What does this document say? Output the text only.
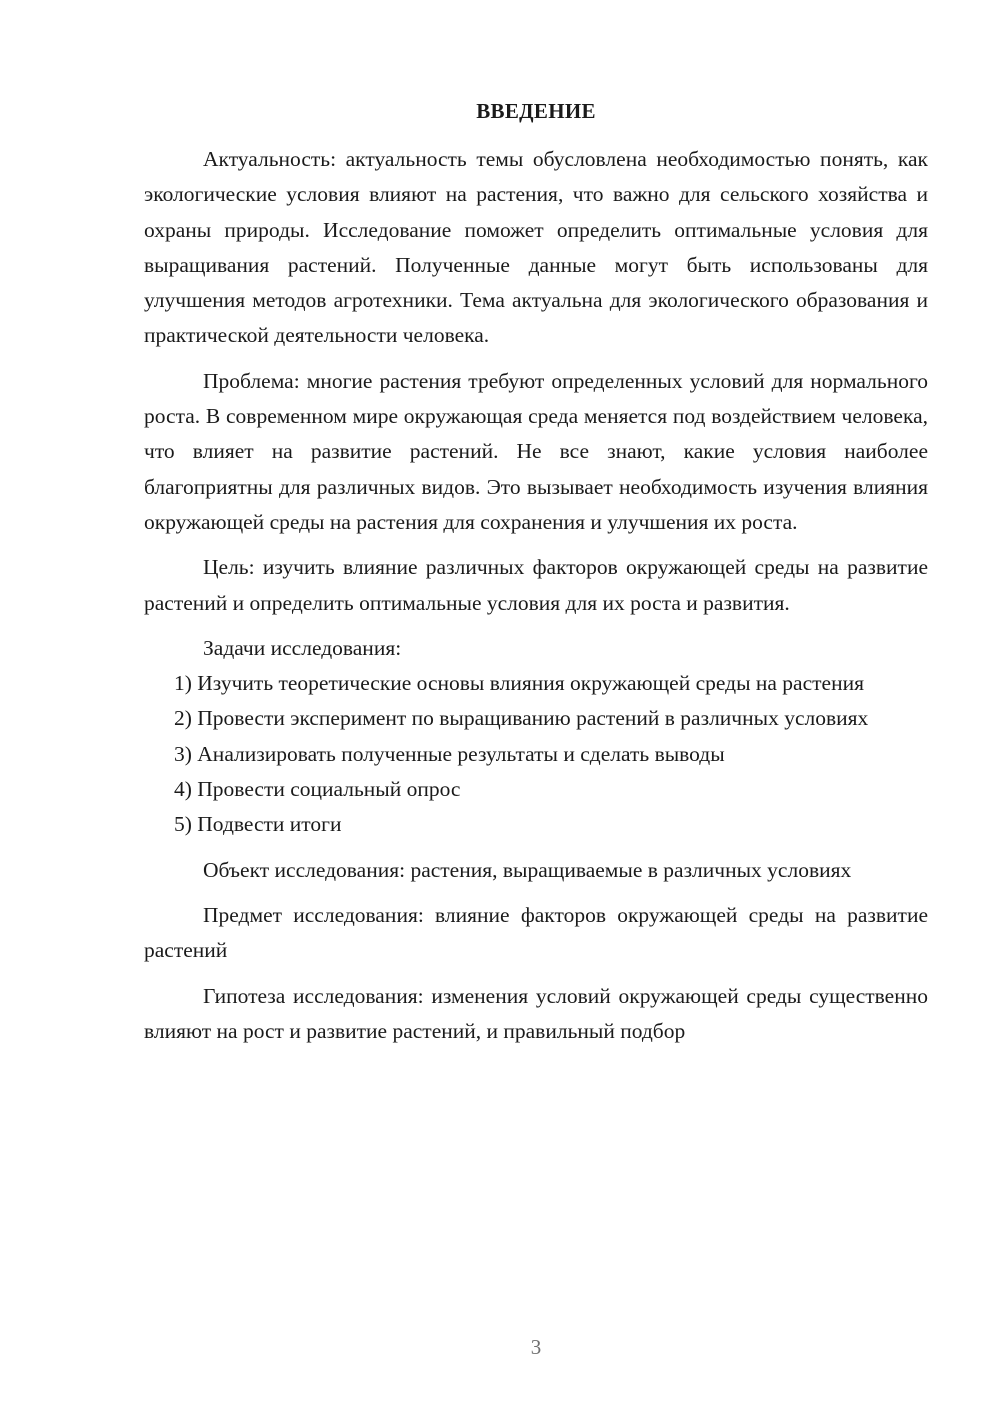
ВВЕДЕНИЕ

Актуальность: актуальность темы обусловлена необходимостью понять, как экологические условия влияют на растения, что важно для сельского хозяйства и охраны природы. Исследование поможет определить оптимальные условия для выращивания растений. Полученные данные могут быть использованы для улучшения методов агротехники. Тема актуальна для экологического образования и практической деятельности человека.

Проблема: многие растения требуют определенных условий для нормального роста. В современном мире окружающая среда меняется под воздействием человека, что влияет на развитие растений. Не все знают, какие условия наиболее благоприятны для различных видов. Это вызывает необходимость изучения влияния окружающей среды на растения для сохранения и улучшения их роста.

Цель: изучить влияние различных факторов окружающей среды на развитие растений и определить оптимальные условия для их роста и развития.

Задачи исследования:

1) Изучить теоретические основы влияния окружающей среды на растения

2) Провести эксперимент по выращиванию растений в различных условиях

3) Анализировать полученные результаты и сделать выводы

4) Провести социальный опрос

5) Подвести итоги

Объект исследования: растения, выращиваемые в различных условиях

Предмет исследования: влияние факторов окружающей среды на развитие растений

Гипотеза исследования: изменения условий окружающей среды существенно влияют на рост и развитие растений, и правильный подбор

3
